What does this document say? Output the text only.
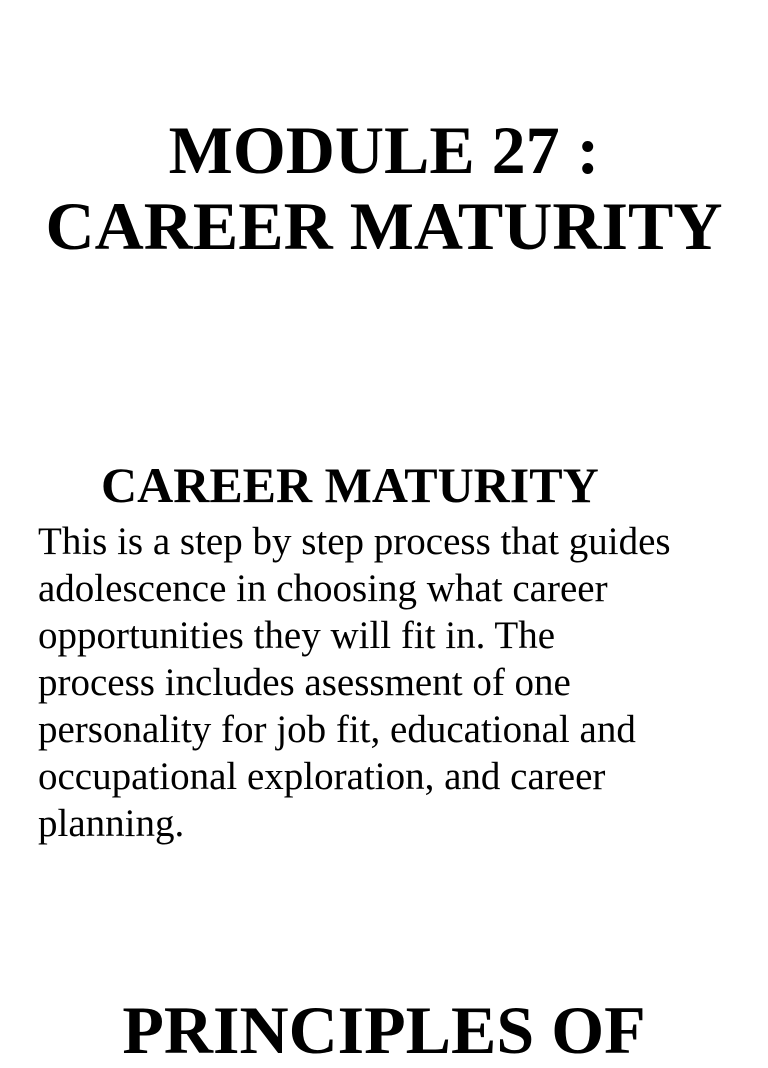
MODULE 27 :
CAREER MATURITY
CAREER MATURITY
This is a step by step process that guides
adolescence in choosing what career
opportunities they will fit in. The
process includes asessment of one
personality for job fit, educational and
occupational exploration, and career
planning.
PRINCIPLES OF
